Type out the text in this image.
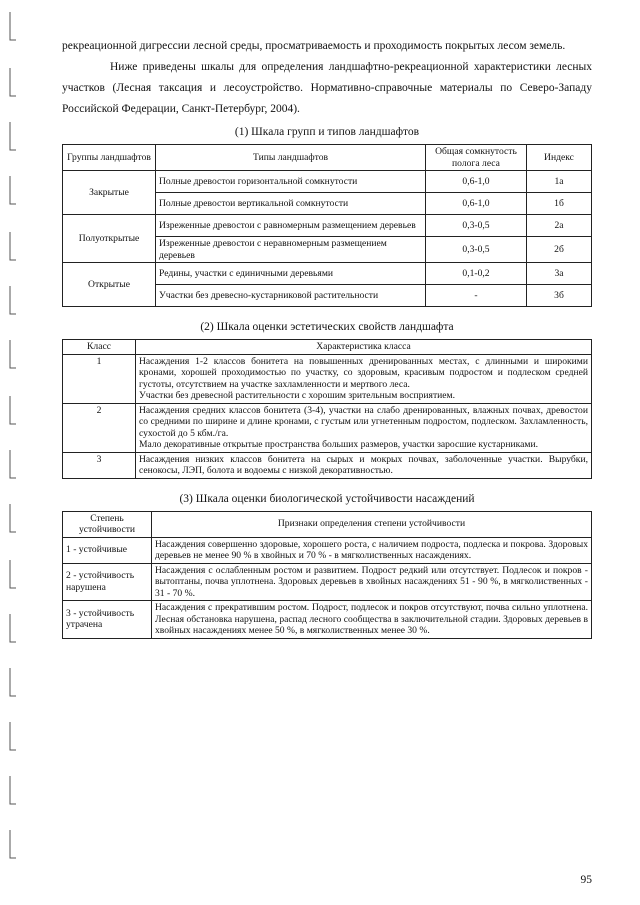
рекреационной дигрессии лесной среды, просматриваемость и проходимость покрытых лесом земель.

Ниже приведены шкалы для определения ландшафтно-рекреационной характеристики лесных участков (Лесная таксация и лесоустройство. Нормативно-справочные материалы по Северо-Западу Российской Федерации, Санкт-Петербург, 2004).

(1) Шкала групп и типов ландшафтов
Группы ландшафтов	Типы ландшафтов	Общая сомкнутость полога леса	Индекс
Закрытые	Полные древостои горизонтальной сомкнутости	0,6-1,0	1а
	Полные древостои вертикальной сомкнутости	0,6-1,0	1б
Полуоткрытые	Изреженные древостои с равномерным размещением деревьев	0,3-0,5	2а
	Изреженные древостои с неравномерным размещением деревьев	0,3-0,5	2б
Открытые	Редины, участки с единичными деревьями	0,1-0,2	3а
	Участки без древесно-кустарниковой растительности	-	3б
(2) Шкала оценки эстетических свойств ландшафта
Класс	Характеристика класса
1	Насаждения 1-2 классов бонитета на повышенных дренированных местах, с длинными и широкими кронами, хорошей проходимостью по участку, со здоровым, красивым подростом и подлеском средней густоты, отсутствием на участке захламленности и мертвого леса.
Участки без древесной растительности с хорошим зрительным восприятием.

2	Насаждения средних классов бонитета (3-4), участки на слабо дренированных, влажных почвах, древостои со средними по ширине и длине кронами, с густым или угнетенным подростом, подлеском. Захламленность, сухостой до 5 кбм./га.
Мало декоративные открытые пространства больших размеров, участки заросшие кустарниками.

3	Насаждения низких классов бонитета на сырых и мокрых почвах, заболоченные участки. Вырубки, сенокосы, ЛЭП, болота и водоемы с низкой декоративностью.
(3) Шкала оценки биологической устойчивости насаждений
Степень устойчивости	Признаки определения степени устойчивости
1 - устойчивые	Насаждения совершенно здоровые, хорошего роста, с наличием подроста, подлеска и покрова. Здоровых деревьев не менее 90 % в хвойных и 70 % - в мягколиственных насаждениях.
2 - устойчивость нарушена	Насаждения с ослабленным ростом и развитием. Подрост редкий или отсутствует. Подлесок и покров - вытоптаны, почва уплотнена. Здоровых деревьев в хвойных насаждениях 51 - 90 %, в мягколиственных - 31 - 70 %.
3 - устойчивость утрачена	Насаждения с прекратившим ростом. Подрост, подлесок и покров отсутствуют, почва сильно уплотнена. Лесная обстановка нарушена, распад лесного сообщества в заключительной стадии. Здоровых деревьев в хвойных насаждениях менее 50 %, в мягколиственных менее 30 %.
95
